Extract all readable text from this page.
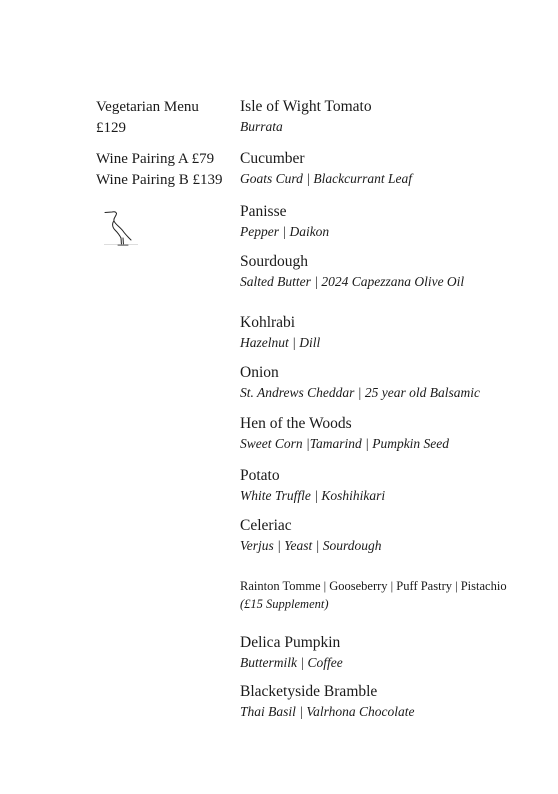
Vegetarian Menu
£129
Wine Pairing A £79
Wine Pairing B £139
Isle of Wight Tomato
Burrata
Cucumber
Goats Curd | Blackcurrant Leaf
Panisse
Pepper | Daikon
Sourdough
Salted Butter | 2024 Capezzana Olive Oil
Kohlrabi
Hazelnut | Dill
Onion
St. Andrews Cheddar | 25 year old Balsamic
Hen of the Woods
Sweet Corn |Tamarind | Pumpkin Seed
Potato
White Truffle | Koshihikari
Celeriac
Verjus | Yeast | Sourdough
Rainton Tomme | Gooseberry | Puff Pastry | Pistachio
(£15 Supplement)
Delica Pumpkin
Buttermilk | Coffee
Blacketyside Bramble
Thai Basil | Valrhona Chocolate
